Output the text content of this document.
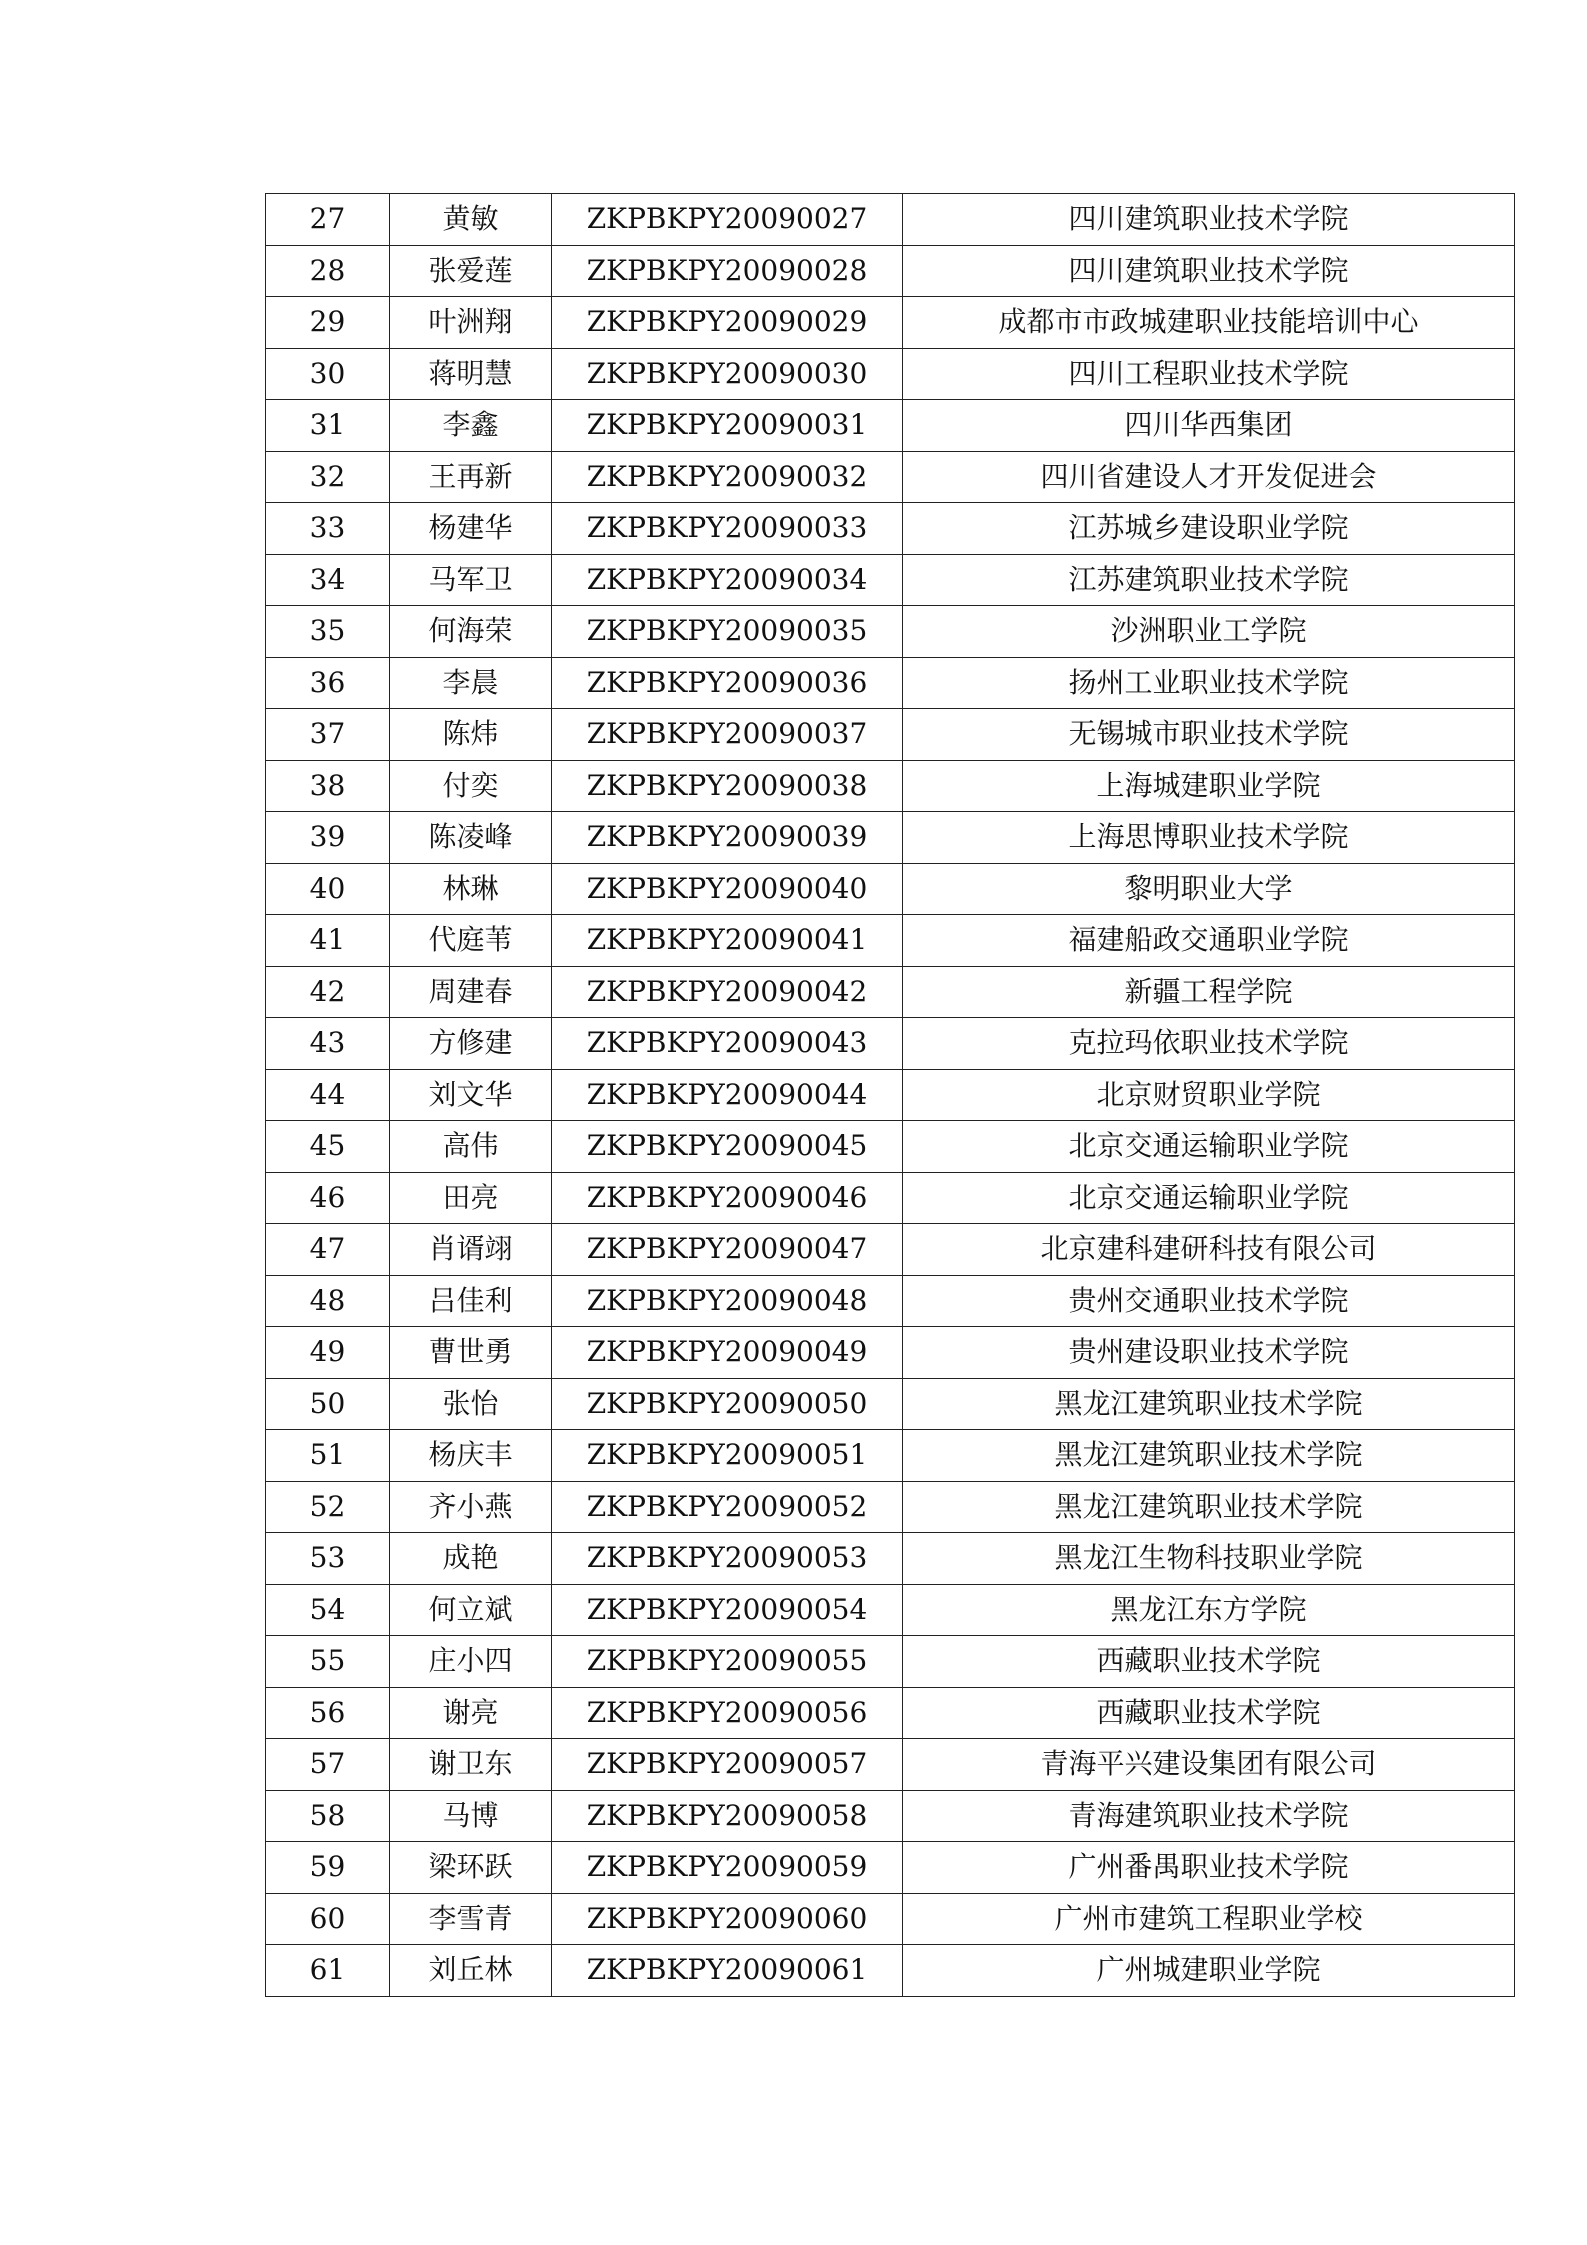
27	黄敏	ZKPBKPY20090027	四川建筑职业技术学院
28	张爱莲	ZKPBKPY20090028	四川建筑职业技术学院
29	叶洲翔	ZKPBKPY20090029	成都市市政城建职业技能培训中心
30	蒋明慧	ZKPBKPY20090030	四川工程职业技术学院
31	李鑫	ZKPBKPY20090031	四川华西集团
32	王再新	ZKPBKPY20090032	四川省建设人才开发促进会
33	杨建华	ZKPBKPY20090033	江苏城乡建设职业学院
34	马军卫	ZKPBKPY20090034	江苏建筑职业技术学院
35	何海荣	ZKPBKPY20090035	沙洲职业工学院
36	李晨	ZKPBKPY20090036	扬州工业职业技术学院
37	陈炜	ZKPBKPY20090037	无锡城市职业技术学院
38	付奕	ZKPBKPY20090038	上海城建职业学院
39	陈凌峰	ZKPBKPY20090039	上海思博职业技术学院
40	林琳	ZKPBKPY20090040	黎明职业大学
41	代庭苇	ZKPBKPY20090041	福建船政交通职业学院
42	周建春	ZKPBKPY20090042	新疆工程学院
43	方修建	ZKPBKPY20090043	克拉玛依职业技术学院
44	刘文华	ZKPBKPY20090044	北京财贸职业学院
45	高伟	ZKPBKPY20090045	北京交通运输职业学院
46	田亮	ZKPBKPY20090046	北京交通运输职业学院
47	肖谞翊	ZKPBKPY20090047	北京建科建研科技有限公司
48	吕佳利	ZKPBKPY20090048	贵州交通职业技术学院
49	曹世勇	ZKPBKPY20090049	贵州建设职业技术学院
50	张怡	ZKPBKPY20090050	黑龙江建筑职业技术学院
51	杨庆丰	ZKPBKPY20090051	黑龙江建筑职业技术学院
52	齐小燕	ZKPBKPY20090052	黑龙江建筑职业技术学院
53	成艳	ZKPBKPY20090053	黑龙江生物科技职业学院
54	何立斌	ZKPBKPY20090054	黑龙江东方学院
55	庄小四	ZKPBKPY20090055	西藏职业技术学院
56	谢亮	ZKPBKPY20090056	西藏职业技术学院
57	谢卫东	ZKPBKPY20090057	青海平兴建设集团有限公司
58	马博	ZKPBKPY20090058	青海建筑职业技术学院
59	梁环跃	ZKPBKPY20090059	广州番禺职业技术学院
60	李雪青	ZKPBKPY20090060	广州市建筑工程职业学校
61	刘丘林	ZKPBKPY20090061	广州城建职业学院
